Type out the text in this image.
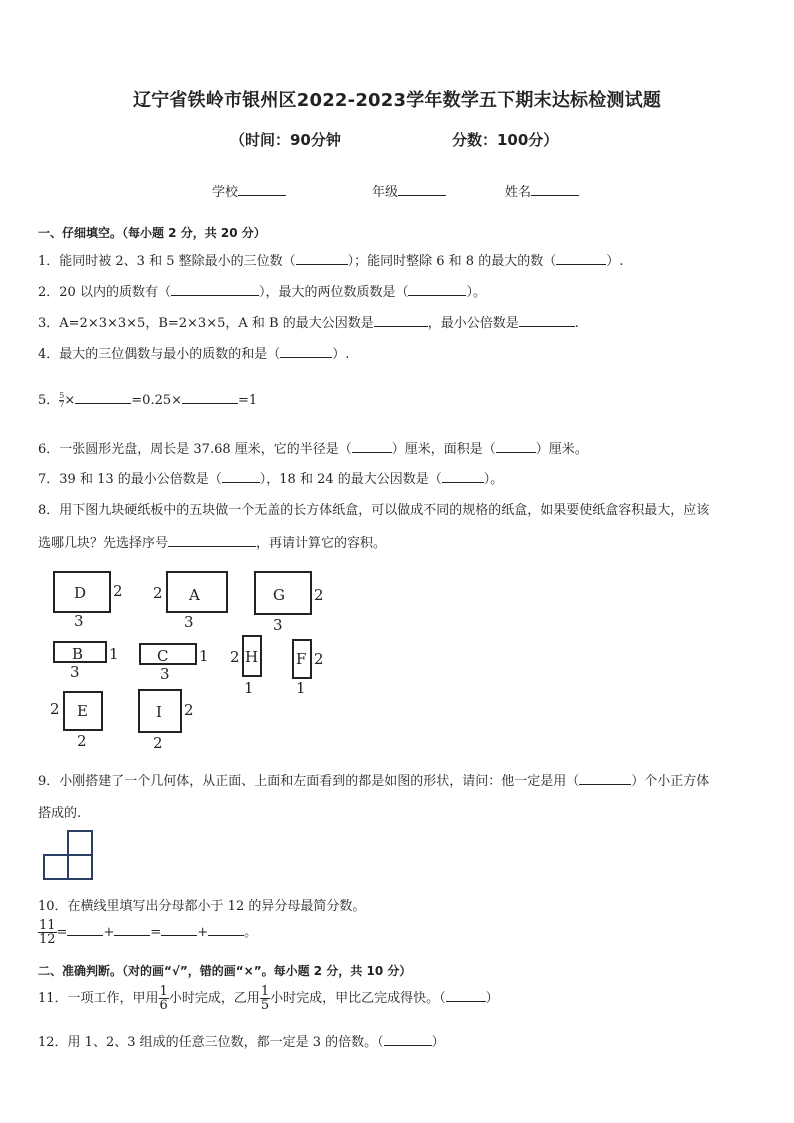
辽宁省铁岭市银州区2022-2023学年数学五下期末达标检测试题
（时间：90分钟	分数：100分）
学校	年级	姓名
一、仔细填空。（每小题 2 分，共 20 分）
1．能同时被 2、3 和 5 整除最小的三位数（	）；能同时整除 6 和 8 的最大的数（	）.
2．20 以内的质数有（	），最大的两位数质数是（	）。
3．A=2×3×3×5，B=2×3×5，A 和 B 的最大公因数是	，最小公倍数是	.
4．最大的三位偶数与最小的质数的和是（	）.
5． $\frac{5}{7}\times$	=0.25×	=1
6．一张圆形光盘，周长是 37.68 厘米，它的半径是（	）厘米，面积是（	）厘米。
7．39 和 13 的最小公倍数是（	），18 和 24 的最大公因数是（	）。
8．用下图九块硬纸板中的五块做一个无盖的长方体纸盒，可以做成不同的规格的纸盒，如果要使纸盒容积最大，应该
选哪几块？先选择序号	，再请计算它的容积。
D 2
3
A
2
3
G 2
3
B 1
3
C 1
3
H
2
1
F 2
1
E
2
2
I 2
2
9．小刚搭建了一个几何体，从正面、上面和左面看到的都是如图的形状，请问：他一定是用（	）个小正方体
搭成的.
10．在横线里填写出分母都小于 12 的异分母最简分数。
$\frac{11}{12}$ =	+	=	+	。
二、准确判断。（对的画“√”，错的画“×”。每小题 2 分，共 10 分）
11．一项工作，甲用 $\frac{1}{6}$ 小时完成，乙用 $\frac{1}{5}$ 小时完成，甲比乙完成得快。（	）
12．用 1、2、3 组成的任意三位数，都一定是 3 的倍数。（	）
